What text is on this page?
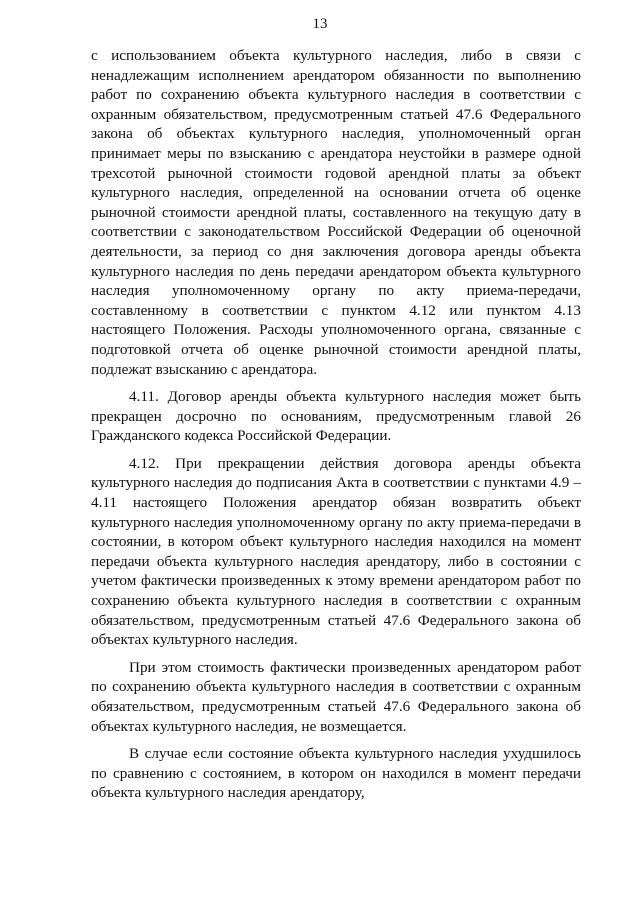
13

с использованием объекта культурного наследия, либо в связи с ненадлежащим исполнением арендатором обязанности по выполнению работ по сохранению объекта культурного наследия в соответствии с охранным обязательством, предусмотренным статьей 47.6 Федерального закона об объектах культурного наследия, уполномоченный орган принимает меры по взысканию с арендатора неустойки в размере одной трехсотой рыночной стоимости годовой арендной платы за объект культурного наследия, определенной на основании отчета об оценке рыночной стоимости арендной платы, составленного на текущую дату в соответствии с законодательством Российской Федерации об оценочной деятельности, за период со дня заключения договора аренды объекта культурного наследия по день передачи арендатором объекта культурного наследия уполномоченному органу по акту приема-передачи, составленному в соответствии с пунктом 4.12 или пунктом 4.13 настоящего Положения. Расходы уполномоченного органа, связанные с подготовкой отчета об оценке рыночной стоимости арендной платы, подлежат взысканию с арендатора.

4.11. Договор аренды объекта культурного наследия может быть прекращен досрочно по основаниям, предусмотренным главой 26 Гражданского кодекса Российской Федерации.

4.12. При прекращении действия договора аренды объекта культурного наследия до подписания Акта в соответствии с пунктами 4.9 – 4.11 настоящего Положения арендатор обязан возвратить объект культурного наследия уполномоченному органу по акту приема-передачи в состоянии, в котором объект культурного наследия находился на момент передачи объекта культурного наследия арендатору, либо в состоянии с учетом фактически произведенных к этому времени арендатором работ по сохранению объекта культурного наследия в соответствии с охранным обязательством, предусмотренным статьей 47.6 Федерального закона об объектах культурного наследия.

При этом стоимость фактически произведенных арендатором работ по сохранению объекта культурного наследия в соответствии с охранным обязательством, предусмотренным статьей 47.6 Федерального закона об объектах культурного наследия, не возмещается.

В случае если состояние объекта культурного наследия ухудшилось по сравнению с состоянием, в котором он находился в момент передачи объекта культурного наследия арендатору,
